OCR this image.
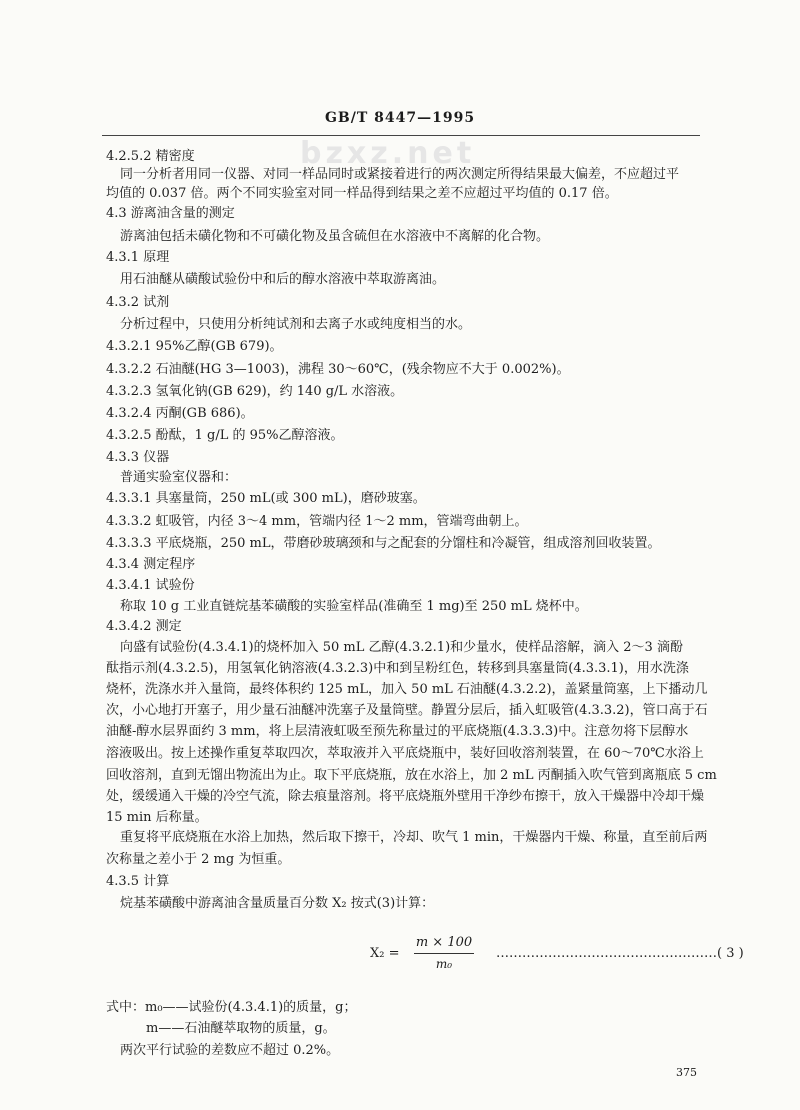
GB/T 8447—1995
bzxz.net
4.2.5.2 精密度
同一分析者用同一仪器、对同一样品同时或紧接着进行的两次测定所得结果最大偏差，不应超过平
均值的 0.037 倍。两个不同实验室对同一样品得到结果之差不应超过平均值的 0.17 倍。
4.3 游离油含量的测定
游离油包括未磺化物和不可磺化物及虽含硫但在水溶液中不离解的化合物。
4.3.1 原理
用石油醚从磺酸试验份中和后的醇水溶液中萃取游离油。
4.3.2 试剂
分析过程中，只使用分析纯试剂和去离子水或纯度相当的水。
4.3.2.1 95%乙醇(GB 679)。
4.3.2.2 石油醚(HG 3—1003)，沸程 30～60℃，(残余物应不大于 0.002%)。
4.3.2.3 氢氧化钠(GB 629)，约 140 g/L 水溶液。
4.3.2.4 丙酮(GB 686)。
4.3.2.5 酚酞，1 g/L 的 95%乙醇溶液。
4.3.3 仪器
普通实验室仪器和：
4.3.3.1 具塞量筒，250 mL(或 300 mL)，磨砂玻塞。
4.3.3.2 虹吸管，内径 3～4 mm，管端内径 1～2 mm，管端弯曲朝上。
4.3.3.3 平底烧瓶，250 mL，带磨砂玻璃颈和与之配套的分馏柱和冷凝管，组成溶剂回收装置。
4.3.4 测定程序
4.3.4.1 试验份
称取 10 g 工业直链烷基苯磺酸的实验室样品(准确至 1 mg)至 250 mL 烧杯中。
4.3.4.2 测定
向盛有试验份(4.3.4.1)的烧杯加入 50 mL 乙醇(4.3.2.1)和少量水，使样品溶解，滴入 2～3 滴酚
酞指示剂(4.3.2.5)，用氢氧化钠溶液(4.3.2.3)中和到呈粉红色，转移到具塞量筒(4.3.3.1)，用水洗涤
烧杯，洗涤水并入量筒，最终体积约 125 mL，加入 50 mL 石油醚(4.3.2.2)，盖紧量筒塞，上下播动几
次，小心地打开塞子，用少量石油醚冲洗塞子及量筒壁。静置分层后，插入虹吸管(4.3.3.2)，管口高于石
油醚-醇水层界面约 3 mm，将上层清液虹吸至预先称量过的平底烧瓶(4.3.3.3)中。注意勿将下层醇水
溶液吸出。按上述操作重复萃取四次，萃取液并入平底烧瓶中，装好回收溶剂装置，在 60～70℃水浴上
回收溶剂，直到无馏出物流出为止。取下平底烧瓶，放在水浴上，加 2 mL 丙酮插入吹气管到离瓶底 5 cm
处，缓缓通入干燥的冷空气流，除去痕量溶剂。将平底烧瓶外壁用干净纱布擦干，放入干燥器中冷却干燥
15 min 后称量。
重复将平底烧瓶在水浴上加热，然后取下擦干，冷却、吹气 1 min，干燥器内干燥、称量，直至前后两
次称量之差小于 2 mg 为恒重。
4.3.5 计算
烷基苯磺酸中游离油含量质量百分数 X₂ 按式(3)计算：
式中：m₀——试验份(4.3.4.1)的质量，g；
m——石油醚萃取物的质量，g。
两次平行试验的差数应不超过 0.2%。
X₂ =
m × 100
m₀
……………………………………………( 3 )
375
